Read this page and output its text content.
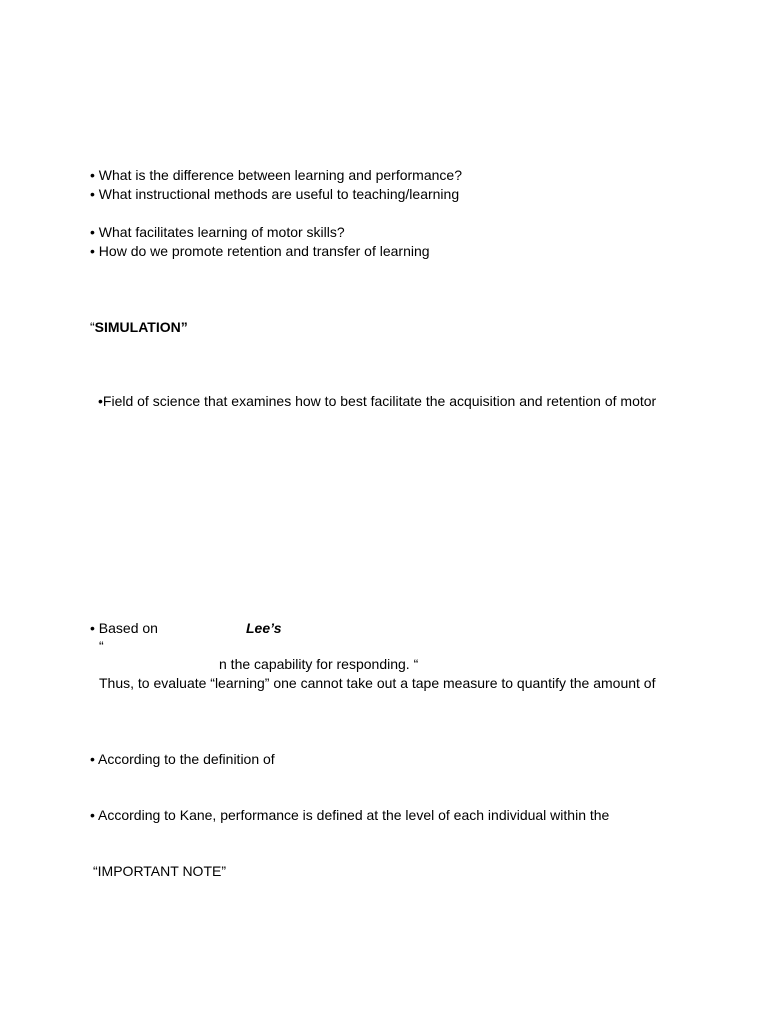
• What is the difference between learning and performance?
• What instructional methods are useful to teaching/learning
• What facilitates learning of motor skills?
• How do we promote retention and transfer of learning
“SIMULATION”
•Field of science that examines how to best facilitate the acquisition and retention of motor
• Based on	Lee’s
“
n the capability for responding. “
Thus, to evaluate “learning” one cannot take out a tape measure to quantify the amount of
• According to the definition of
• According to Kane, performance is defined at the level of each individual within the
“IMPORTANT NOTE”
